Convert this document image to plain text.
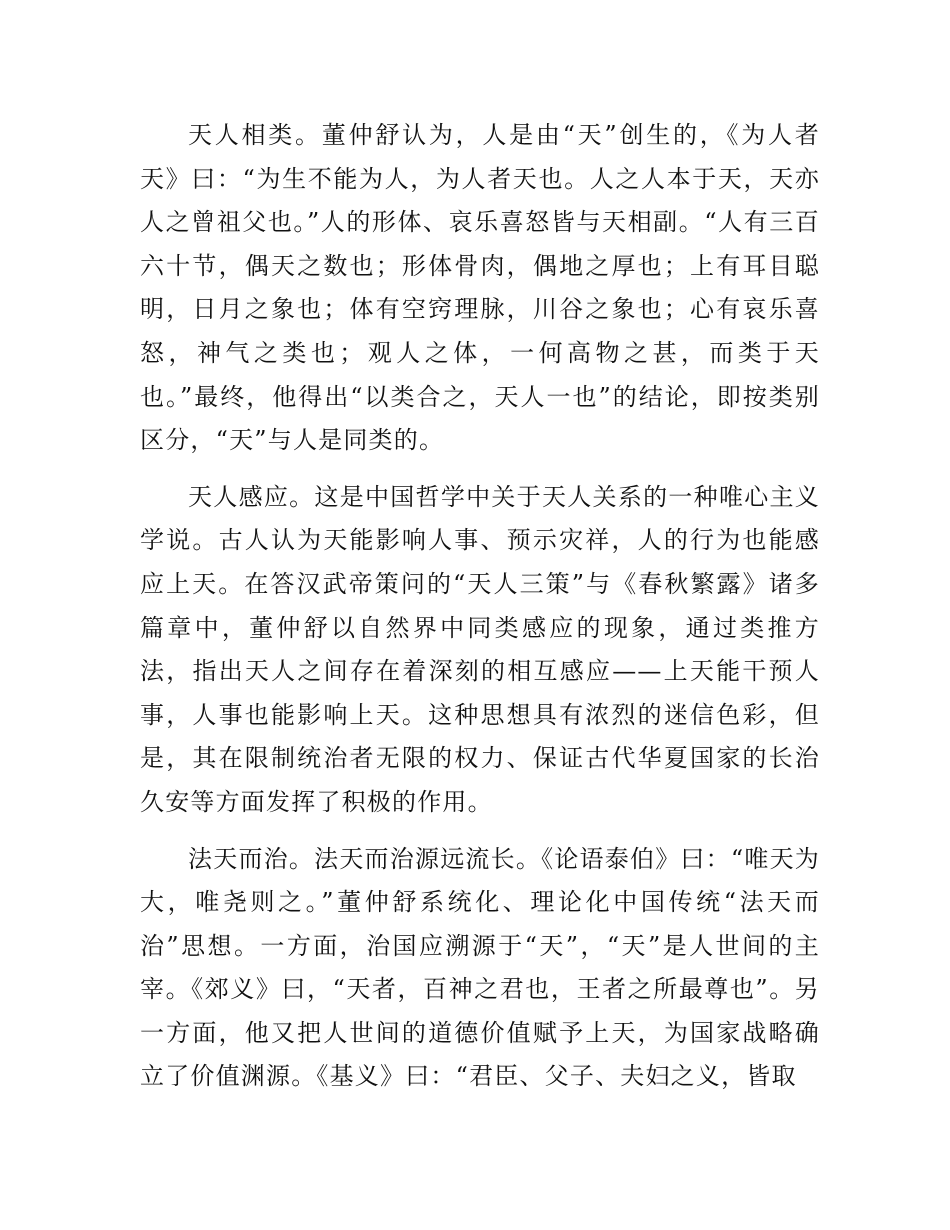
天人相类。董仲舒认为，人是由“天”创生的，《为人者天》曰：“为生不能为人，为人者天也。人之人本于天，天亦人之曾祖父也。”人的形体、哀乐喜怒皆与天相副。“人有三百六十节，偶天之数也；形体骨肉，偶地之厚也；上有耳目聪明，日月之象也；体有空窍理脉，川谷之象也；心有哀乐喜怒，神气之类也；观人之体，一何高物之甚，而类于天也。”最终，他得出“以类合之，天人一也”的结论，即按类别区分，“天”与人是同类的。

天人感应。这是中国哲学中关于天人关系的一种唯心主义学说。古人认为天能影响人事、预示灾祥，人的行为也能感应上天。在答汉武帝策问的“天人三策”与《春秋繁露》诸多篇章中，董仲舒以自然界中同类感应的现象，通过类推方法，指出天人之间存在着深刻的相互感应——上天能干预人事，人事也能影响上天。这种思想具有浓烈的迷信色彩，但是，其在限制统治者无限的权力、保证古代华夏国家的长治久安等方面发挥了积极的作用。

法天而治。法天而治源远流长。《论语泰伯》曰：“唯天为大，唯尧则之。”董仲舒系统化、理论化中国传统“法天而治”思想。一方面，治国应溯源于“天”，“天”是人世间的主宰。《郊义》曰，“天者，百神之君也，王者之所最尊也”。另一方面，他又把人世间的道德价值赋予上天，为国家战略确立了价值渊源。《基义》曰：“君臣、父子、夫妇之义，皆取
